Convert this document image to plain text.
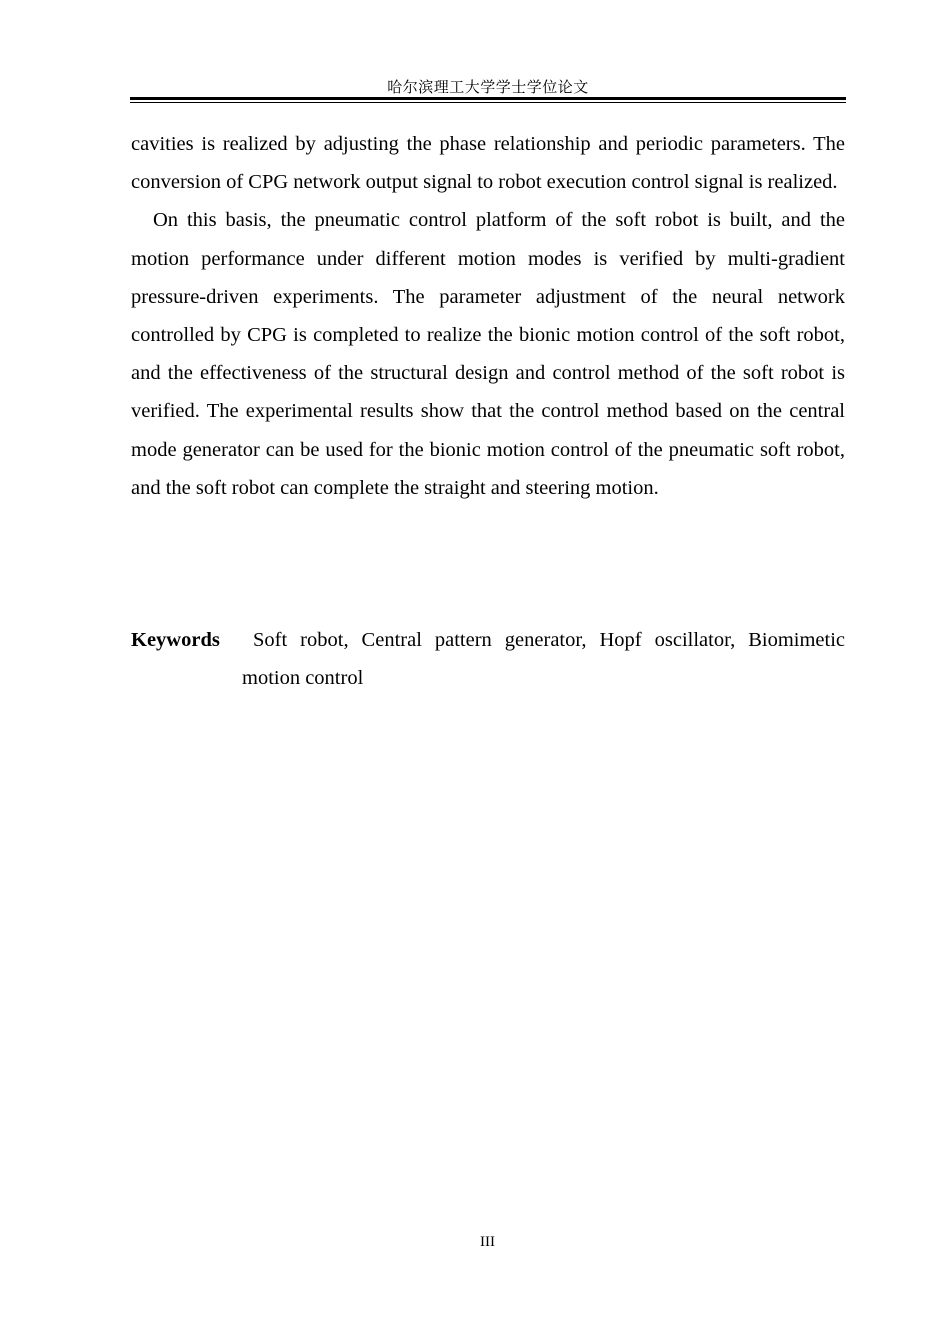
哈尔滨理工大学学士学位论文

cavities is realized by adjusting the phase relationship and periodic parameters. The conversion of CPG network output signal to robot execution control signal is realized.

On this basis, the pneumatic control platform of the soft robot is built, and the motion performance under different motion modes is verified by multi-gradient pressure-driven experiments. The parameter adjustment of the neural network controlled by CPG is completed to realize the bionic motion control of the soft robot, and the effectiveness of the structural design and control method of the soft robot is verified. The experimental results show that the control method based on the central mode generator can be used for the bionic motion control of the pneumatic soft robot, and the soft robot can complete the straight and steering motion.

Keywords	Soft robot, Central pattern generator, Hopf oscillator, Biomimetic motion control
III
